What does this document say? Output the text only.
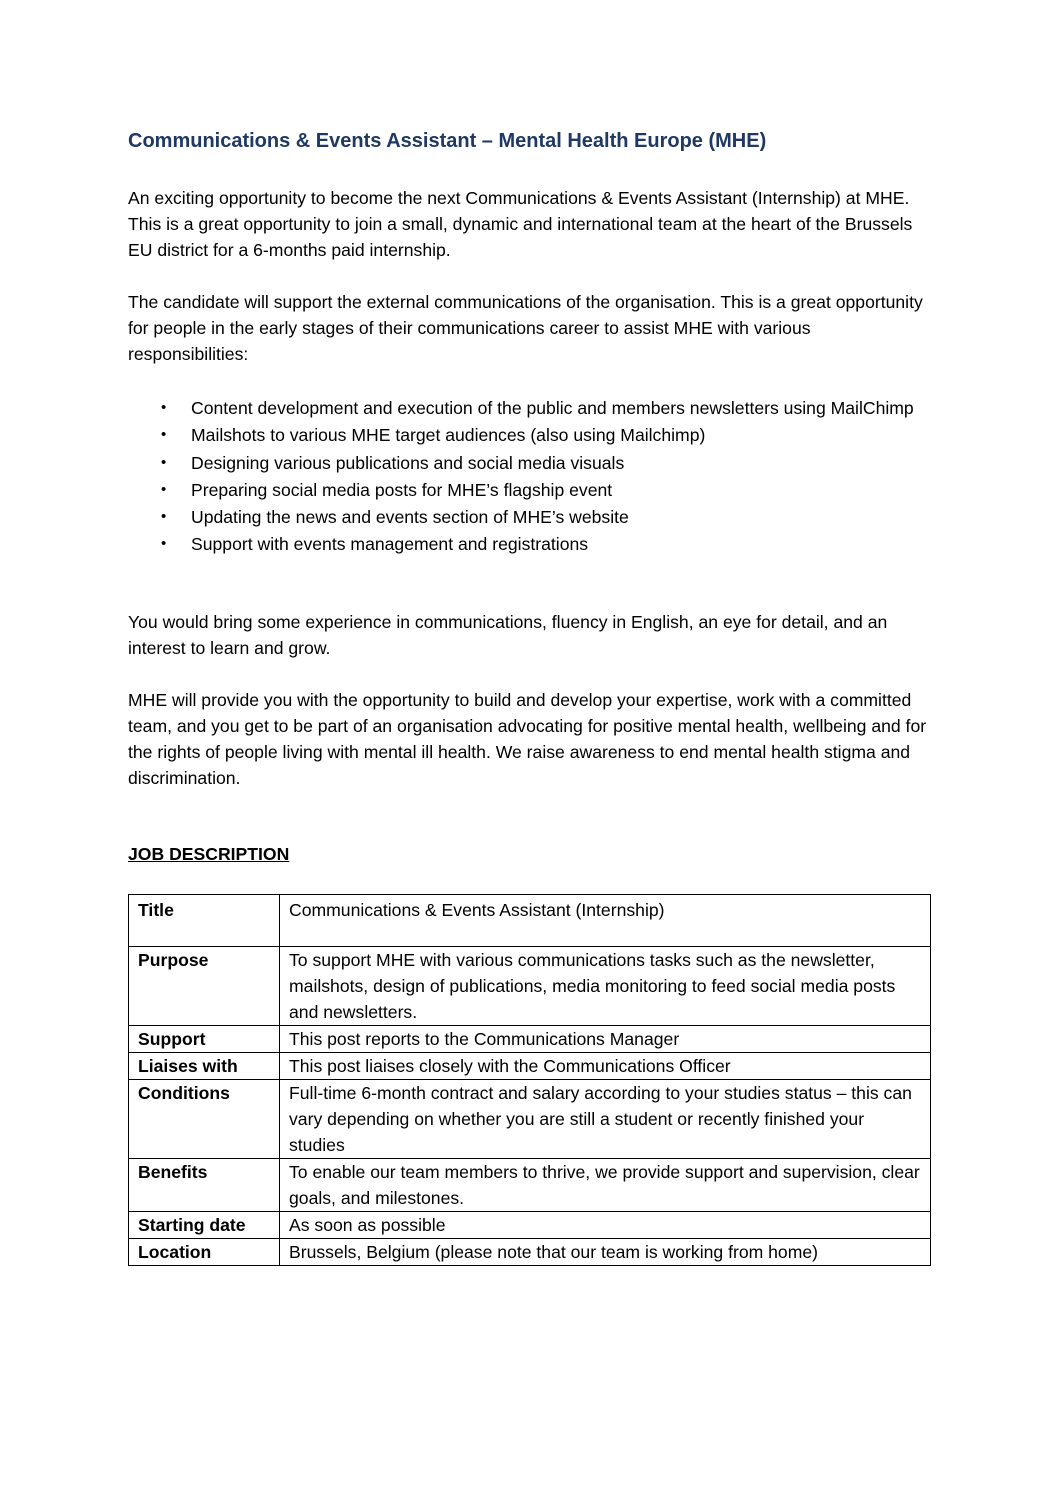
Communications & Events Assistant – Mental Health Europe (MHE)

An exciting opportunity to become the next Communications & Events Assistant (Internship) at MHE. This is a great opportunity to join a small, dynamic and international team at the heart of the Brussels EU district for a 6-months paid internship.

The candidate will support the external communications of the organisation. This is a great opportunity for people in the early stages of their communications career to assist MHE with various responsibilities:

• Content development and execution of the public and members newsletters using MailChimp
• Mailshots to various MHE target audiences (also using Mailchimp)
• Designing various publications and social media visuals
• Preparing social media posts for MHE’s flagship event
• Updating the news and events section of MHE’s website
• Support with events management and registrations

You would bring some experience in communications, fluency in English, an eye for detail, and an interest to learn and grow.

MHE will provide you with the opportunity to build and develop your expertise, work with a committed team, and you get to be part of an organisation advocating for positive mental health, wellbeing and for the rights of people living with mental ill health. We raise awareness to end mental health stigma and discrimination.

JOB DESCRIPTION
Title	Communications & Events Assistant (Internship)
Purpose	To support MHE with various communications tasks such as the newsletter, mailshots, design of publications, media monitoring to feed social media posts and newsletters.
Support	This post reports to the Communications Manager
Liaises with	This post liaises closely with the Communications Officer
Conditions	Full-time 6-month contract and salary according to your studies status – this can vary depending on whether you are still a student or recently finished your studies
Benefits	To enable our team members to thrive, we provide support and supervision, clear goals, and milestones.
Starting date	As soon as possible
Location	Brussels, Belgium (please note that our team is working from home)
